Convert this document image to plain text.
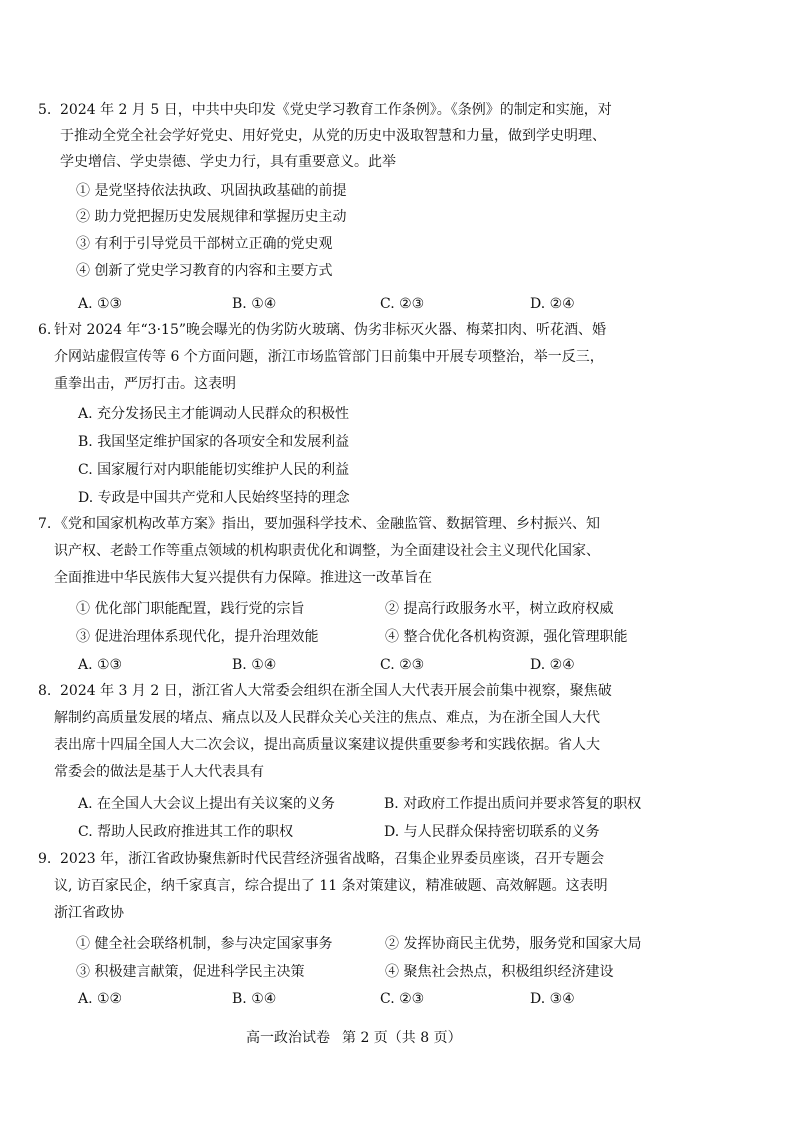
5. 2024 年 2 月 5 日，中共中央印发《党史学习教育工作条例》。《条例》的制定和实施，对
于推动全党全社会学好党史、用好党史，从党的历史中汲取智慧和力量，做到学史明理、
学史增信、学史崇德、学史力行，具有重要意义。此举
① 是党坚持依法执政、巩固执政基础的前提
② 助力党把握历史发展规律和掌握历史主动
③ 有利于引导党员干部树立正确的党史观
④ 创新了党史学习教育的内容和主要方式
A. ①③	B. ①④	C. ②③	D. ②④
6. 针对 2024 年“3·15”晚会曝光的伪劣防火玻璃、伪劣非标灭火器、梅菜扣肉、听花酒、婚
介网站虚假宣传等 6 个方面问题，浙江市场监管部门日前集中开展专项整治，举一反三，
重拳出击，严厉打击。这表明
A. 充分发扬民主才能调动人民群众的积极性
B. 我国坚定维护国家的各项安全和发展利益
C. 国家履行对内职能能切实维护人民的利益
D. 专政是中国共产党和人民始终坚持的理念
7. 《党和国家机构改革方案》指出，要加强科学技术、金融监管、数据管理、乡村振兴、知
识产权、老龄工作等重点领域的机构职责优化和调整，为全面建设社会主义现代化国家、
全面推进中华民族伟大复兴提供有力保障。推进这一改革旨在
① 优化部门职能配置，践行党的宗旨	② 提高行政服务水平，树立政府权威
③ 促进治理体系现代化，提升治理效能	④ 整合优化各机构资源，强化管理职能
A. ①③	B. ①④	C. ②③	D. ②④
8. 2024 年 3 月 2 日，浙江省人大常委会组织在浙全国人大代表开展会前集中视察，聚焦破
解制约高质量发展的堵点、痛点以及人民群众关心关注的焦点、难点，为在浙全国人大代
表出席十四届全国人大二次会议，提出高质量议案建议提供重要参考和实践依据。省人大
常委会的做法是基于人大代表具有
A. 在全国人大会议上提出有关议案的义务	B. 对政府工作提出质问并要求答复的职权
C. 帮助人民政府推进其工作的职权	D. 与人民群众保持密切联系的义务
9. 2023 年，浙江省政协聚焦新时代民营经济强省战略，召集企业界委员座谈，召开专题会
议, 访百家民企，纳千家真言，综合提出了 11 条对策建议，精准破题、高效解题。这表明
浙江省政协
① 健全社会联络机制，参与决定国家事务	② 发挥协商民主优势，服务党和国家大局
③ 积极建言献策，促进科学民主决策	④ 聚焦社会热点，积极组织经济建设
A. ①②	B. ①④	C. ②③	D. ③④
高一政治试卷 第 2 页（共 8 页）
